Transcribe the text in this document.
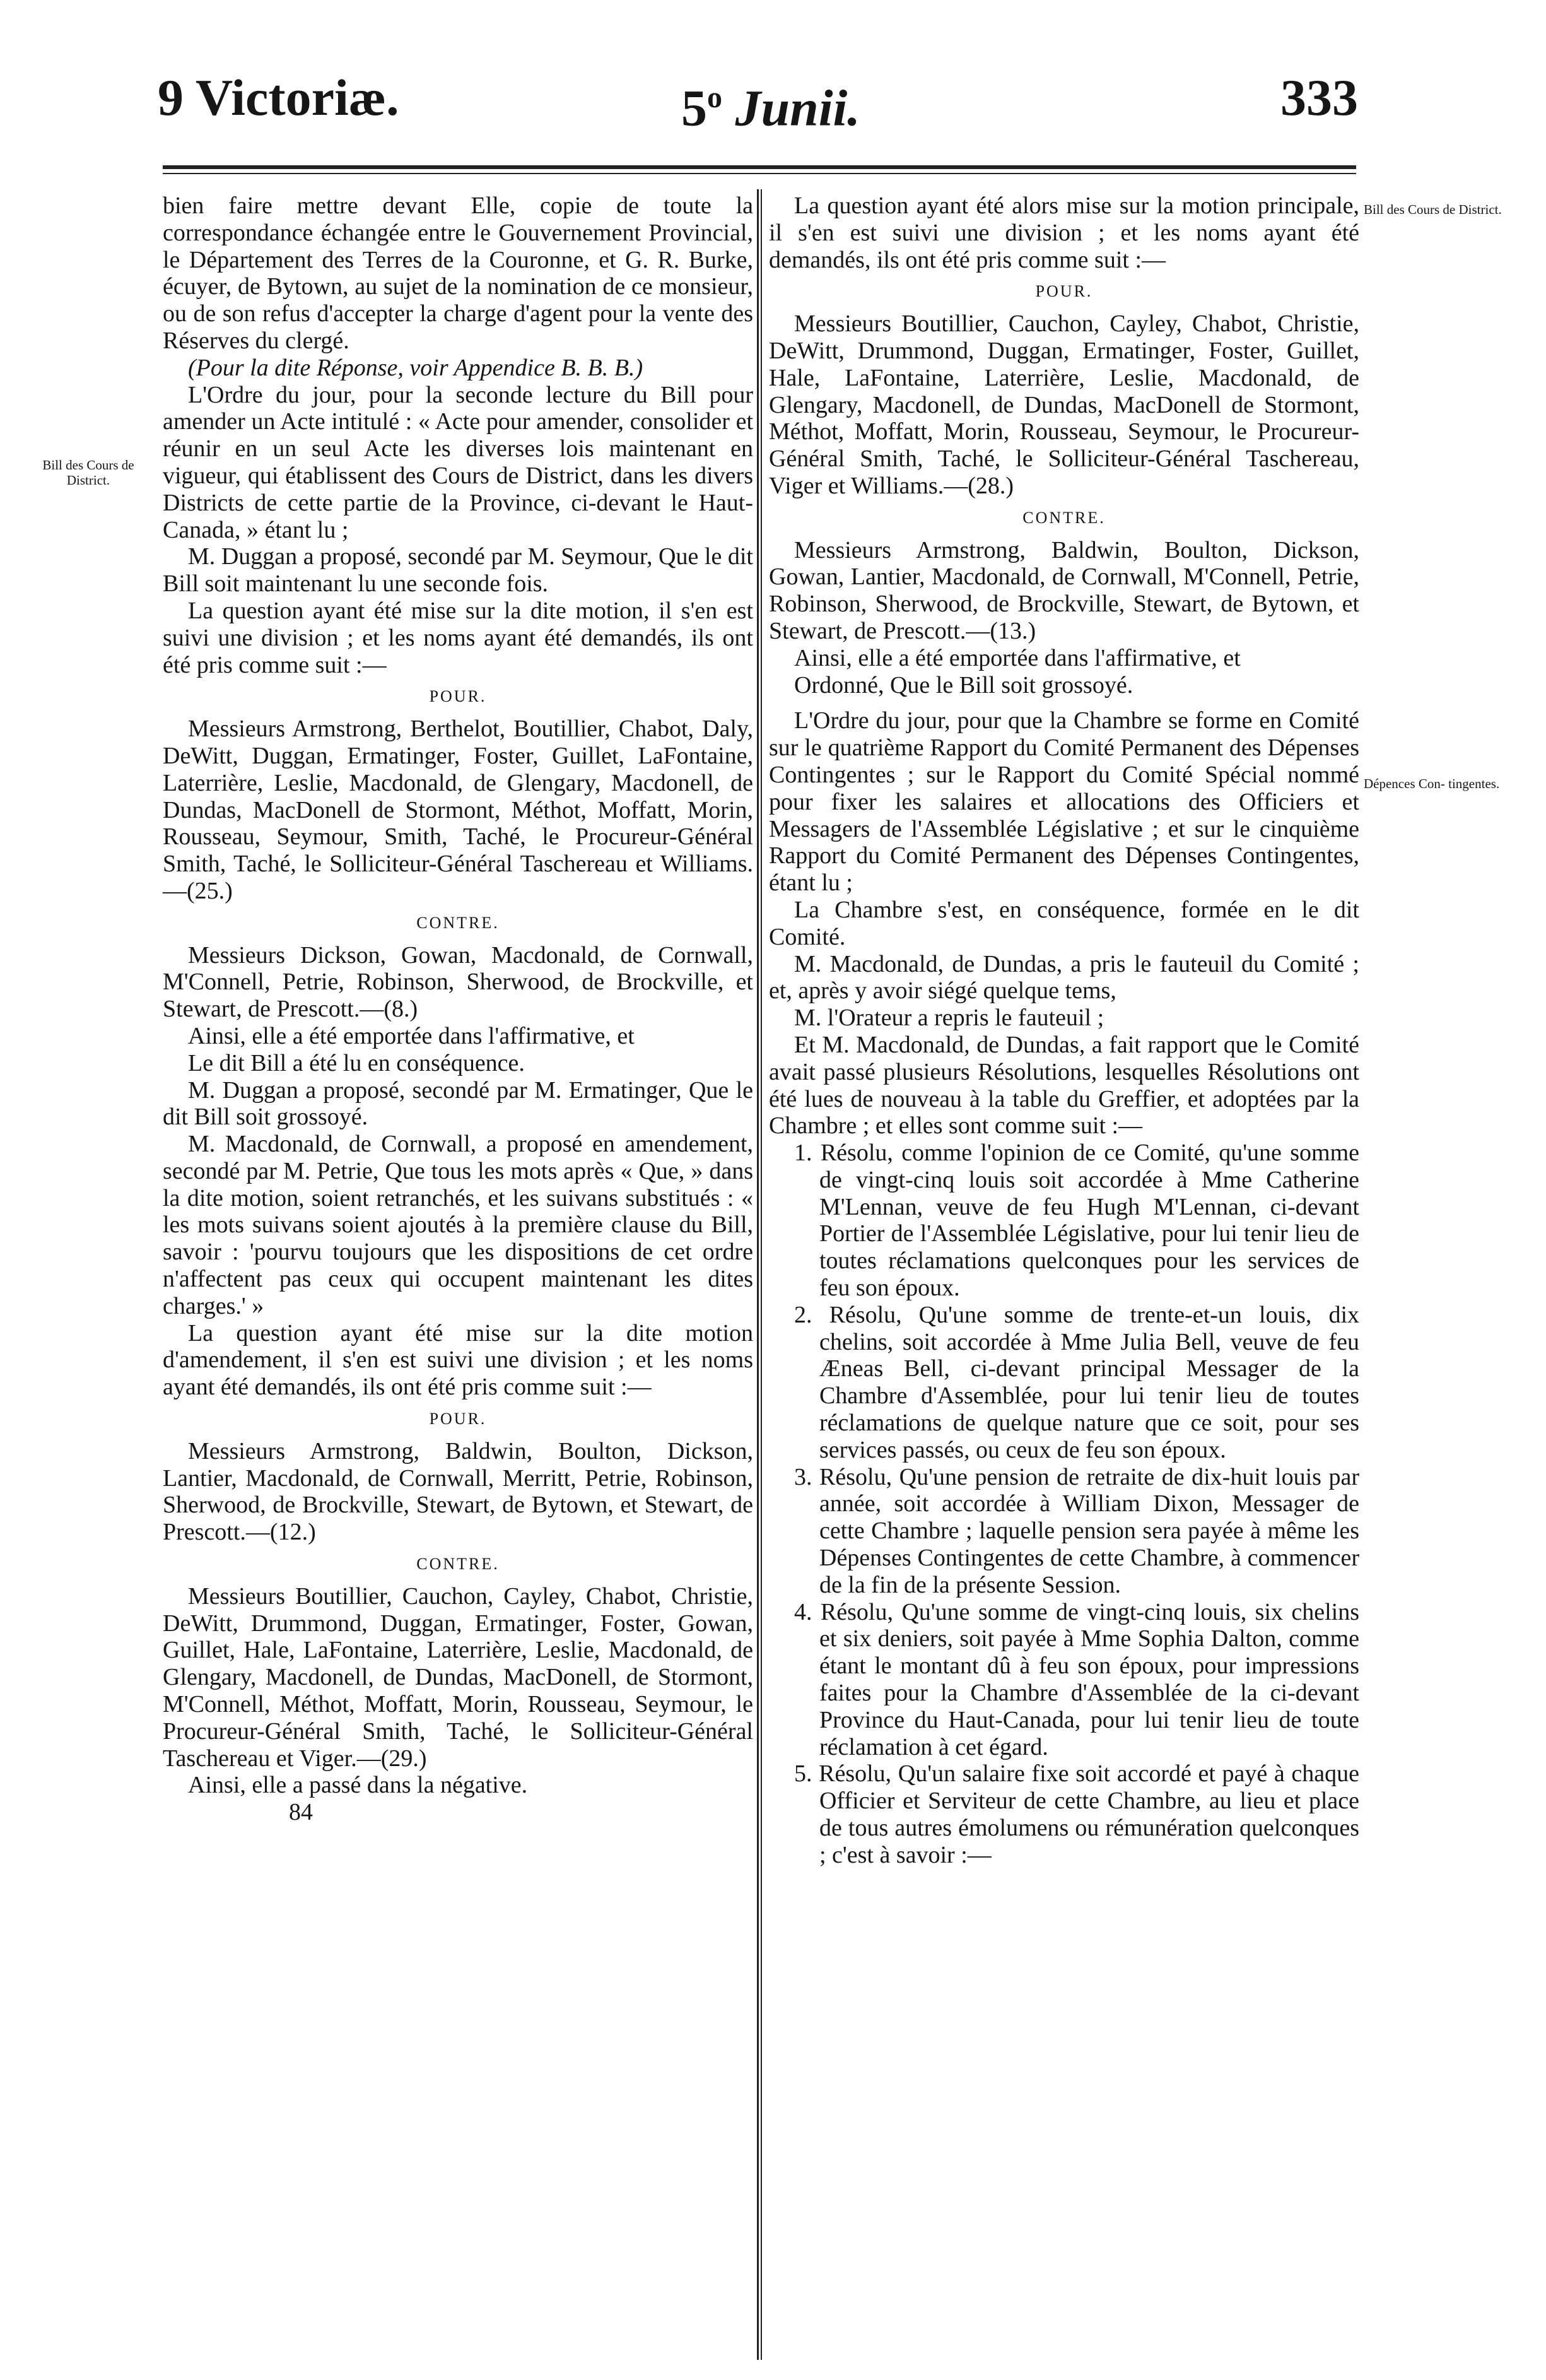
9 Victoriæ.	5$^o$ Junii.	333
Bill des Cours de District.
Bill des Cours de District.
Dépences Con- tingentes.

bien faire mettre devant Elle, copie de toute la correspondance échangée entre le Gouvernement Provincial, le Département des Terres de la Couronne, et G. R. Burke, écuyer, de Bytown, au sujet de la nomination de ce monsieur, ou de son refus d'accepter la charge d'agent pour la vente des Réserves du clergé.

(Pour la dite Réponse, voir Appendice B. B. B.)

L'Ordre du jour, pour la seconde lecture du Bill pour amender un Acte intitulé : « Acte pour amender, consolider et réunir en un seul Acte les diverses lois maintenant en vigueur, qui établissent des Cours de District, dans les divers Districts de cette partie de la Province, ci-devant le Haut-Canada, » étant lu ;

M. Duggan a proposé, secondé par M. Seymour, Que le dit Bill soit maintenant lu une seconde fois.

La question ayant été mise sur la dite motion, il s'en est suivi une division ; et les noms ayant été demandés, ils ont été pris comme suit :—

POUR.

Messieurs Armstrong, Berthelot, Boutillier, Chabot, Daly, DeWitt, Duggan, Ermatinger, Foster, Guillet, LaFontaine, Laterrière, Leslie, Macdonald, de Glengary, Macdonell, de Dundas, MacDonell de Stormont, Méthot, Moffatt, Morin, Rousseau, Seymour, Smith, Taché, le Procureur-Général Smith, Taché, le Solliciteur-Général Taschereau et Williams.—(25.)

CONTRE.

Messieurs Dickson, Gowan, Macdonald, de Cornwall, M'Connell, Petrie, Robinson, Sherwood, de Brockville, et Stewart, de Prescott.—(8.)

Ainsi, elle a été emportée dans l'affirmative, et

Le dit Bill a été lu en conséquence.

M. Duggan a proposé, secondé par M. Ermatinger, Que le dit Bill soit grossoyé.

M. Macdonald, de Cornwall, a proposé en amendement, secondé par M. Petrie, Que tous les mots après « Que, » dans la dite motion, soient retranchés, et les suivans substitués : « les mots suivans soient ajoutés à la première clause du Bill, savoir : 'pourvu toujours que les dispositions de cet ordre n'affectent pas ceux qui occupent maintenant les dites charges.' »

La question ayant été mise sur la dite motion d'amendement, il s'en est suivi une division ; et les noms ayant été demandés, ils ont été pris comme suit :—

POUR.

Messieurs Armstrong, Baldwin, Boulton, Dickson, Lantier, Macdonald, de Cornwall, Merritt, Petrie, Robinson, Sherwood, de Brockville, Stewart, de Bytown, et Stewart, de Prescott.—(12.)

CONTRE.

Messieurs Boutillier, Cauchon, Cayley, Chabot, Christie, DeWitt, Drummond, Duggan, Ermatinger, Foster, Gowan, Guillet, Hale, LaFontaine, Laterrière, Leslie, Macdonald, de Glengary, Macdonell, de Dundas, MacDonell, de Stormont, M'Connell, Méthot, Moffatt, Morin, Rousseau, Seymour, le Procureur-Général Smith, Taché, le Solliciteur-Général Taschereau et Viger.—(29.)

Ainsi, elle a passé dans la négative.

84

La question ayant été alors mise sur la motion principale, il s'en est suivi une division ; et les noms ayant été demandés, ils ont été pris comme suit :—

POUR.

Messieurs Boutillier, Cauchon, Cayley, Chabot, Christie, DeWitt, Drummond, Duggan, Ermatinger, Foster, Guillet, Hale, LaFontaine, Laterrière, Leslie, Macdonald, de Glengary, Macdonell, de Dundas, MacDonell de Stormont, Méthot, Moffatt, Morin, Rousseau, Seymour, le Procureur-Général Smith, Taché, le Solliciteur-Général Taschereau, Viger et Williams.—(28.)

CONTRE.

Messieurs Armstrong, Baldwin, Boulton, Dickson, Gowan, Lantier, Macdonald, de Cornwall, M'Connell, Petrie, Robinson, Sherwood, de Brockville, Stewart, de Bytown, et Stewart, de Prescott.—(13.)

Ainsi, elle a été emportée dans l'affirmative, et

Ordonné, Que le Bill soit grossoyé.

L'Ordre du jour, pour que la Chambre se forme en Comité sur le quatrième Rapport du Comité Permanent des Dépenses Contingentes ; sur le Rapport du Comité Spécial nommé pour fixer les salaires et allocations des Officiers et Messagers de l'Assemblée Législative ; et sur le cinquième Rapport du Comité Permanent des Dépenses Contingentes, étant lu ;

La Chambre s'est, en conséquence, formée en le dit Comité.

M. Macdonald, de Dundas, a pris le fauteuil du Comité ; et, après y avoir siégé quelque tems,

M. l'Orateur a repris le fauteuil ;

Et M. Macdonald, de Dundas, a fait rapport que le Comité avait passé plusieurs Résolutions, lesquelles Résolutions ont été lues de nouveau à la table du Greffier, et adoptées par la Chambre ; et elles sont comme suit :—

1. Résolu, comme l'opinion de ce Comité, qu'une somme de vingt-cinq louis soit accordée à Mme Catherine M'Lennan, veuve de feu Hugh M'Lennan, ci-devant Portier de l'Assemblée Législative, pour lui tenir lieu de toutes réclamations quelconques pour les services de feu son époux.

2. Résolu, Qu'une somme de trente-et-un louis, dix chelins, soit accordée à Mme Julia Bell, veuve de feu Æneas Bell, ci-devant principal Messager de la Chambre d'Assemblée, pour lui tenir lieu de toutes réclamations de quelque nature que ce soit, pour ses services passés, ou ceux de feu son époux.

3. Résolu, Qu'une pension de retraite de dix-huit louis par année, soit accordée à William Dixon, Messager de cette Chambre ; laquelle pension sera payée à même les Dépenses Contingentes de cette Chambre, à commencer de la fin de la présente Session.

4. Résolu, Qu'une somme de vingt-cinq louis, six chelins et six deniers, soit payée à Mme Sophia Dalton, comme étant le montant dû à feu son époux, pour impressions faites pour la Chambre d'Assemblée de la ci-devant Province du Haut-Canada, pour lui tenir lieu de toute réclamation à cet égard.

5. Résolu, Qu'un salaire fixe soit accordé et payé à chaque Officier et Serviteur de cette Chambre, au lieu et place de tous autres émolumens ou rémunération quelconques ; c'est à savoir :—
